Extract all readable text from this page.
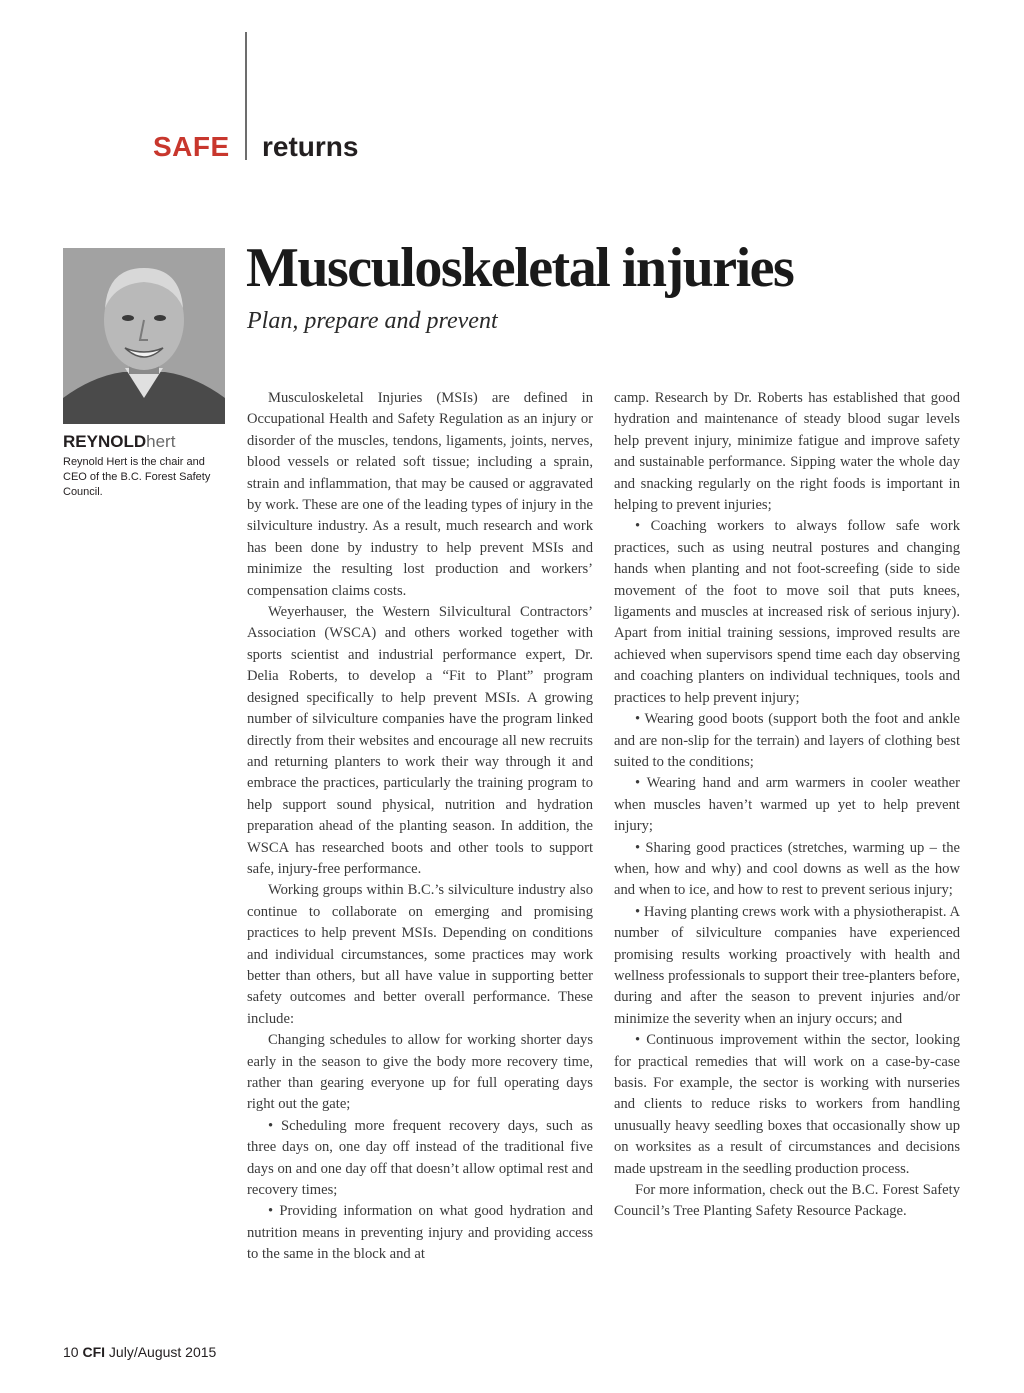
SAFE returns
REYNOLDhert
Reynold Hert is the chair and CEO of the B.C. Forest Safety Council.
Musculoskeletal injuries
Plan, prepare and prevent

Musculoskeletal Injuries (MSIs) are defined in Occupational Health and Safety Regulation as an injury or disorder of the muscles, tendons, ligaments, joints, nerves, blood vessels or related soft tissue; including a sprain, strain and inflammation, that may be caused or aggravated by work. These are one of the leading types of injury in the silviculture industry. As a result, much research and work has been done by industry to help prevent MSIs and minimize the resulting lost production and workers’ compensation claims costs.

Weyerhauser, the Western Silvicultural Contractors’ Association (WSCA) and others worked together with sports scientist and industrial performance expert, Dr. Delia Roberts, to develop a “Fit to Plant” program designed specifically to help prevent MSIs. A growing number of silviculture companies have the program linked directly from their websites and encourage all new recruits and returning planters to work their way through it and embrace the practices, particularly the training program to help support sound physical, nutrition and hydration preparation ahead of the planting season. In addition, the WSCA has researched boots and other tools to support safe, injury-free performance.

Working groups within B.C.’s silviculture industry also continue to collaborate on emerging and promising practices to help prevent MSIs. Depending on conditions and individual circumstances, some practices may work better than others, but all have value in supporting better safety outcomes and better overall performance. These include:

Changing schedules to allow for working shorter days early in the season to give the body more recovery time, rather than gearing everyone up for full operating days right out the gate;

• Scheduling more frequent recovery days, such as three days on, one day off instead of the traditional five days on and one day off that doesn’t allow optimal rest and recovery times;

• Providing information on what good hydration and nutrition means in preventing injury and providing access to the same in the block and at

camp. Research by Dr. Roberts has established that good hydration and maintenance of steady blood sugar levels help prevent injury, minimize fatigue and improve safety and sustainable performance. Sipping water the whole day and snacking regularly on the right foods is important in helping to prevent injuries;

• Coaching workers to always follow safe work practices, such as using neutral postures and changing hands when planting and not foot-screefing (side to side movement of the foot to move soil that puts knees, ligaments and muscles at increased risk of serious injury). Apart from initial training sessions, improved results are achieved when supervisors spend time each day observing and coaching planters on individual techniques, tools and practices to help prevent injury;

• Wearing good boots (support both the foot and ankle and are non-slip for the terrain) and layers of clothing best suited to the conditions;

• Wearing hand and arm warmers in cooler weather when muscles haven’t warmed up yet to help prevent injury;

• Sharing good practices (stretches, warming up – the when, how and why) and cool downs as well as the how and when to ice, and how to rest to prevent serious injury;

• Having planting crews work with a physiotherapist. A number of silviculture companies have experienced promising results working proactively with health and wellness professionals to support their tree-planters before, during and after the season to prevent injuries and/or minimize the severity when an injury occurs; and

• Continuous improvement within the sector, looking for practical remedies that will work on a case-by-case basis. For example, the sector is working with nurseries and clients to reduce risks to workers from handling unusually heavy seedling boxes that occasionally show up on worksites as a result of circumstances and decisions made upstream in the seedling production process.

For more information, check out the B.C. Forest Safety Council’s Tree Planting Safety Resource Package.

10 CFI July/August 2015
